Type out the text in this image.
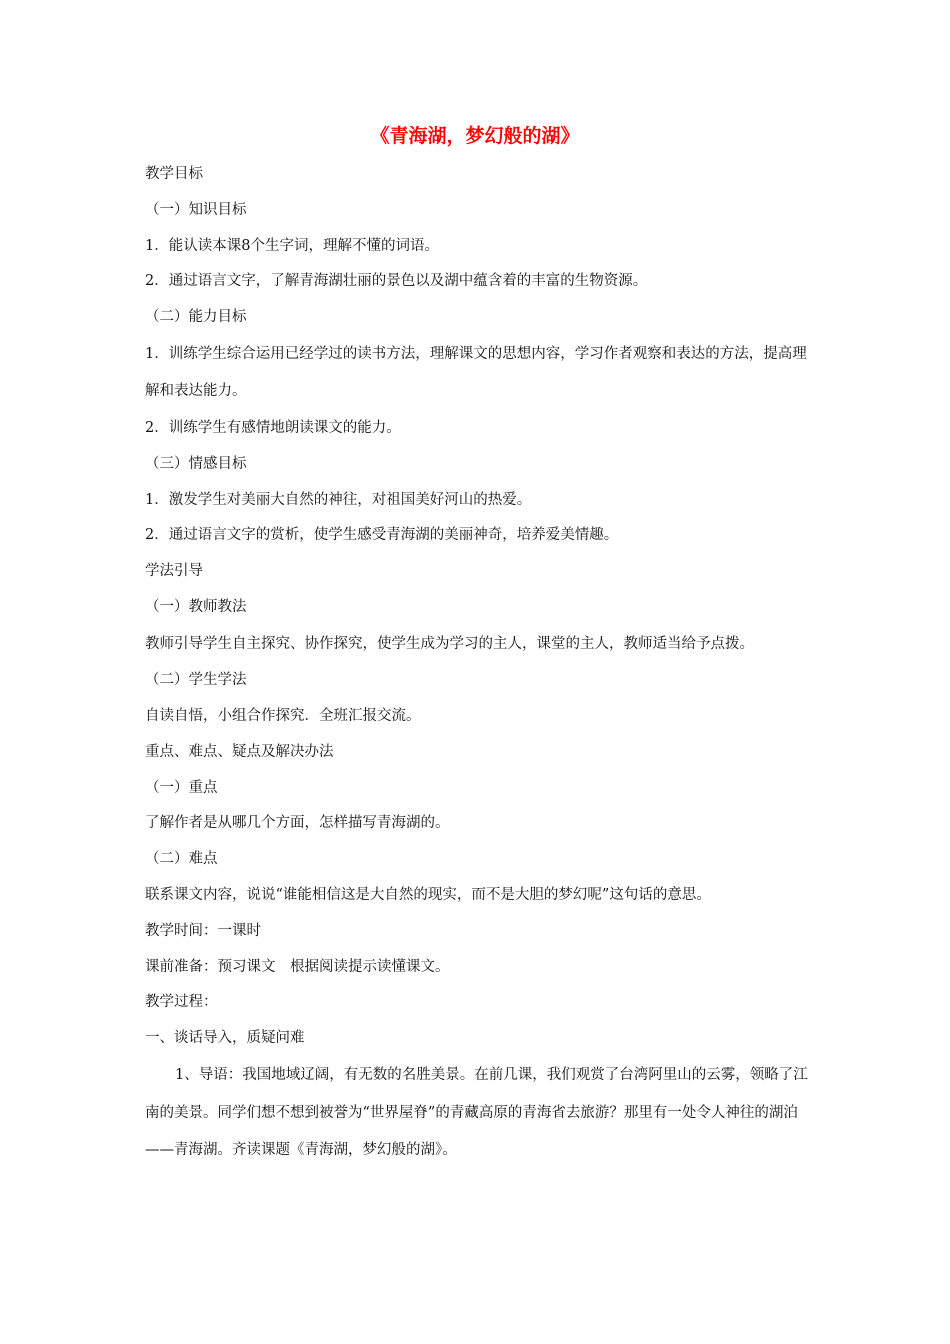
《青海湖，梦幻般的湖》
教学目标
（一）知识目标
1．能认读本课8个生字词，理解不懂的词语。
2．通过语言文字，了解青海湖壮丽的景色以及湖中蕴含着的丰富的生物资源。
（二）能力目标
1．训练学生综合运用已经学过的读书方法，理解课文的思想内容，学习作者观察和表达的方法，提高理解和表达能力。
2．训练学生有感情地朗读课文的能力。
（三）情感目标
1．激发学生对美丽大自然的神往，对祖国美好河山的热爱。
2．通过语言文字的赏析，使学生感受青海湖的美丽神奇，培养爱美情趣。
学法引导
（一）教师教法
教师引导学生自主探究、协作探究，使学生成为学习的主人，课堂的主人，教师适当给予点拨。
（二）学生学法
自读自悟，小组合作探究．全班汇报交流。
重点、难点、疑点及解决办法
（一）重点
了解作者是从哪几个方面，怎样描写青海湖的。
（二）难点
联系课文内容，说说“谁能相信这是大自然的现实，而不是大胆的梦幻呢”这句话的意思。
教学时间：一课时
课前准备：预习课文　根据阅读提示读懂课文。
教学过程：
一、谈话导入，质疑问难
1、导语：我国地域辽阔，有无数的名胜美景。在前几课，我们观赏了台湾阿里山的云雾，领略了江南的美景。同学们想不想到被誉为“世界屋脊”的青藏高原的青海省去旅游？那里有一处令人神往的湖泊——青海湖。齐读课题《青海湖，梦幻般的湖》。
